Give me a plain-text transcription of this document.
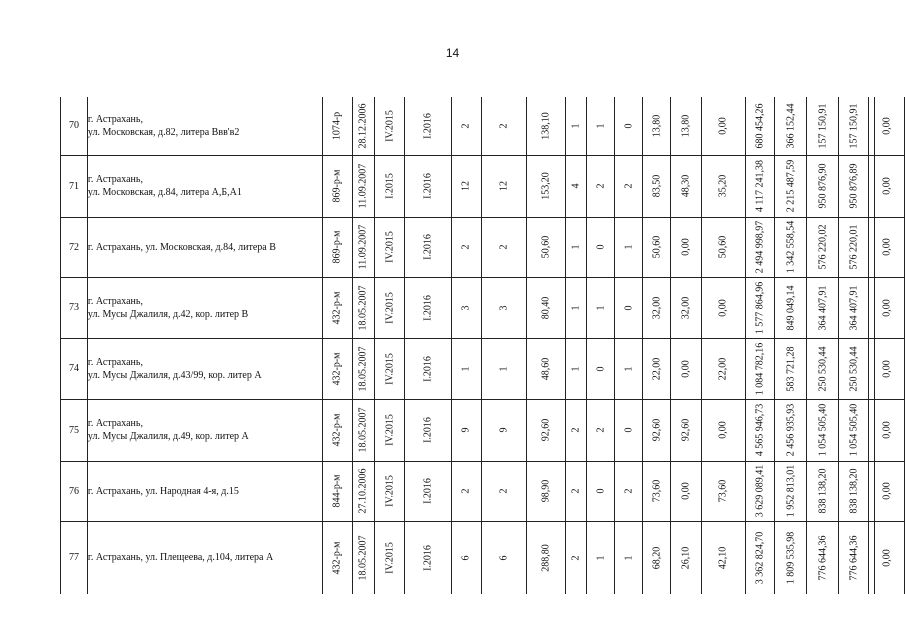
14
70	г. Астрахань,
ул. Московская, д.82, литера Ввв'в2	1074-р	28.12.2006	IV.2015	I.2016	2	2	138,10	1	1	0	13,80	13,80	0,00	680 454,26	366 152,44	157 150,91	157 150,91	0,00

71	г. Астрахань,
ул. Московская, д.84, литера А,Б,А1	869-р-м	11.09.2007	I.2015	I.2016	12	12	153,20	4	2	2	83,50	48,30	35,20	4 117 241,38	2 215 487,59	950 876,90	950 876,89	0,00

72	г. Астрахань, ул. Московская, д.84, литера В	869-р-м	11.09.2007	IV.2015	I.2016	2	2	50,60	1	0	1	50,60	0,00	50,60	2 494 998,97	1 342 558,54	576 220,02	576 220,01	0,00

73	г. Астрахань,
ул. Мусы Джалиля, д.42, кор. литер В	432-р-м	18.05.2007	IV.2015	I.2016	3	3	80,40	1	1	0	32,00	32,00	0,00	1 577 864,96	849 049,14	364 407,91	364 407,91	0,00

74	г. Астрахань,
ул. Мусы Джалиля, д.43/99, кор. литер А	432-р-м	18.05.2007	IV.2015	I.2016	1	1	48,60	1	0	1	22,00	0,00	22,00	1 084 782,16	583 721,28	250 530,44	250 530,44	0,00

75	г. Астрахань,
ул. Мусы Джалиля, д.49, кор. литер А	432-р-м	18.05.2007	IV.2015	I.2016	9	9	92,60	2	2	0	92,60	92,60	0,00	4 565 946,73	2 456 935,93	1 054 505,40	1 054 505,40	0,00

76	г. Астрахань, ул. Народная 4-я, д.15	844-р-м	27.10.2006	IV.2015	I.2016	2	2	98,90	2	0	2	73,60	0,00	73,60	3 629 089,41	1 952 813,01	838 138,20	838 138,20	0,00

77	г. Астрахань, ул. Плещеева, д.104, литера А	432-р-м	18.05.2007	IV.2015	I.2016	6	6	288,80	2	1	1	68,20	26,10	42,10	3 362 824,70	1 809 535,98	776 644,36	776 644,36	0,00
